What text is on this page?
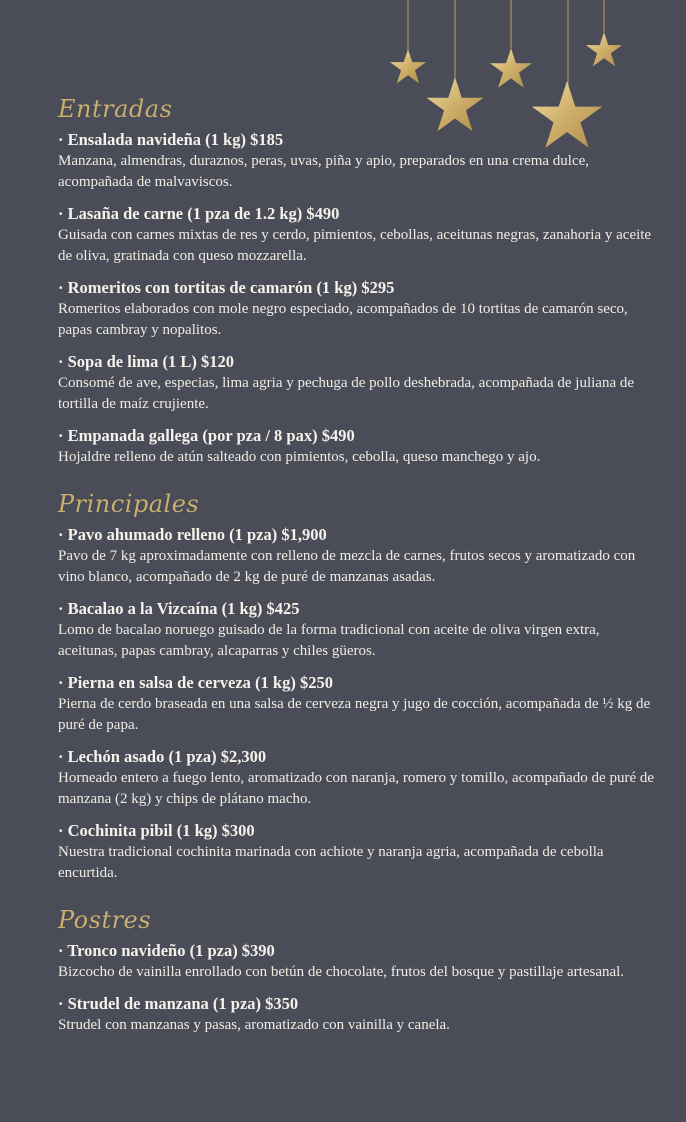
Entradas
· Ensalada navideña (1 kg) $185
Manzana, almendras, duraznos, peras, uvas, piña y apio, preparados en una crema dulce, acompañada de malvaviscos.
· Lasaña de carne (1 pza de 1.2 kg) $490
Guisada con carnes mixtas de res y cerdo, pimientos, cebollas, aceitunas negras, zanahoria y aceite de oliva, gratinada con queso mozzarella.
· Romeritos con tortitas de camarón (1 kg) $295
Romeritos elaborados con mole negro especiado, acompañados de 10 tortitas de camarón seco, papas cambray y nopalitos.
· Sopa de lima (1 L) $120
Consomé de ave, especias, lima agria y pechuga de pollo deshebrada, acompañada de juliana de tortilla de maíz crujiente.
· Empanada gallega (por pza / 8 pax) $490
Hojaldre relleno de atún salteado con pimientos, cebolla, queso manchego y ajo.
Principales
· Pavo ahumado relleno (1 pza) $1,900
Pavo de 7 kg aproximadamente con relleno de mezcla de carnes, frutos secos y aromatizado con vino blanco, acompañado de 2 kg de puré de manzanas asadas.
· Bacalao a la Vizcaína (1 kg) $425
Lomo de bacalao noruego guisado de la forma tradicional con aceite de oliva virgen extra, aceitunas, papas cambray, alcaparras y chiles güeros.
· Pierna en salsa de cerveza (1 kg) $250
Pierna de cerdo braseada en una salsa de cerveza negra y jugo de cocción, acompañada de ½ kg de puré de papa.
· Lechón asado (1 pza) $2,300
Horneado entero a fuego lento, aromatizado con naranja, romero y tomillo, acompañado de puré de manzana (2 kg) y chips de plátano macho.
· Cochinita pibil (1 kg) $300
Nuestra tradicional cochinita marinada con achiote y naranja agria, acompañada de cebolla encurtida.
Postres
· Tronco navideño (1 pza) $390
Bizcocho de vainilla enrollado con betún de chocolate, frutos del bosque y pastillaje artesanal.
· Strudel de manzana (1 pza) $350
Strudel con manzanas y pasas, aromatizado con vainilla y canela.
